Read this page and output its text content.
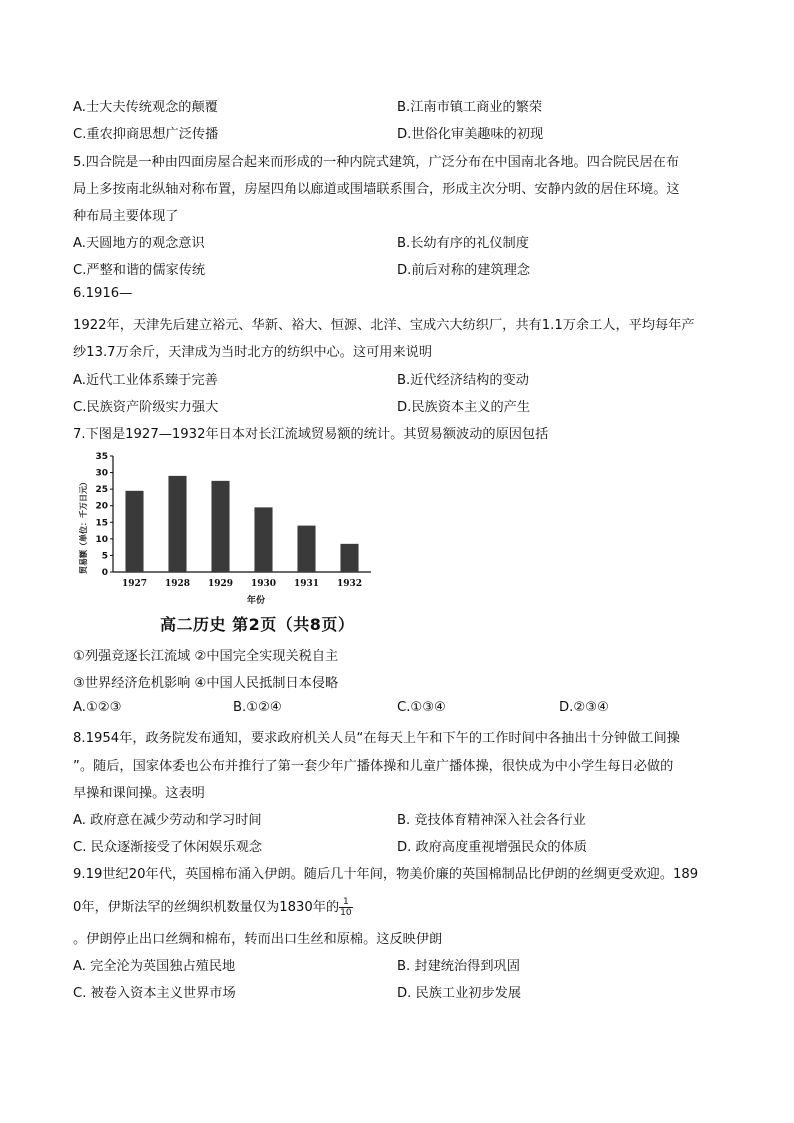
A.士大夫传统观念的颠覆	B.江南市镇工商业的繁荣
C.重农抑商思想广泛传播	D.世俗化审美趣味的初现
5.四合院是一种由四面房屋合起来而形成的一种内院式建筑，广泛分布在中国南北各地。四合院民居在布
局上多按南北纵轴对称布置，房屋四角以廊道或围墙联系围合，形成主次分明、安静内敛的居住环境。这
种布局主要体现了
A.天圆地方的观念意识	B.长幼有序的礼仪制度
C.严整和谐的儒家传统	D.前后对称的建筑理念
6.1916—
1922年，天津先后建立裕元、华新、裕大、恒源、北洋、宝成六大纺织厂，共有1.1万余工人，平均每年产
纱13.7万余斤，天津成为当时北方的纺织中心。这可用来说明
A.近代工业体系臻于完善	B.近代经济结构的变动
C.民族资产阶级实力强大	D.民族资本主义的产生
7.下图是1927—1932年日本对长江流域贸易额的统计。其贸易额波动的原因包括
贸易额（单位：千万日元） 0
5
10
15
20
25
30
35
1927 1928 1929 1930 1931 1932
年份
高二历史 第2页（共8页）
①列强竞逐长江流域 ②中国完全实现关税自主
③世界经济危机影响 ④中国人民抵制日本侵略
A.①②③	B.①②④	C.①③④	D.②③④
8.1954年，政务院发布通知，要求政府机关人员“在每天上午和下午的工作时间中各抽出十分钟做工间操
”。随后，国家体委也公布并推行了第一套少年广播体操和儿童广播体操，很快成为中小学生每日必做的
早操和课间操。这表明
A. 政府意在减少劳动和学习时间	B. 竞技体育精神深入社会各行业
C. 民众逐渐接受了休闲娱乐观念	D. 政府高度重视增强民众的体质
9.19世纪20年代，英国棉布涌入伊朗。随后几十年间，物美价廉的英国棉制品比伊朗的丝绸更受欢迎。189
0年，伊斯法罕的丝绸织机数量仅为1830年的 $\frac{1}{10}$
。伊朗停止出口丝绸和棉布，转而出口生丝和原棉。这反映伊朗
A. 完全沦为英国独占殖民地	B. 封建统治得到巩固
C. 被卷入资本主义世界市场	D. 民族工业初步发展
